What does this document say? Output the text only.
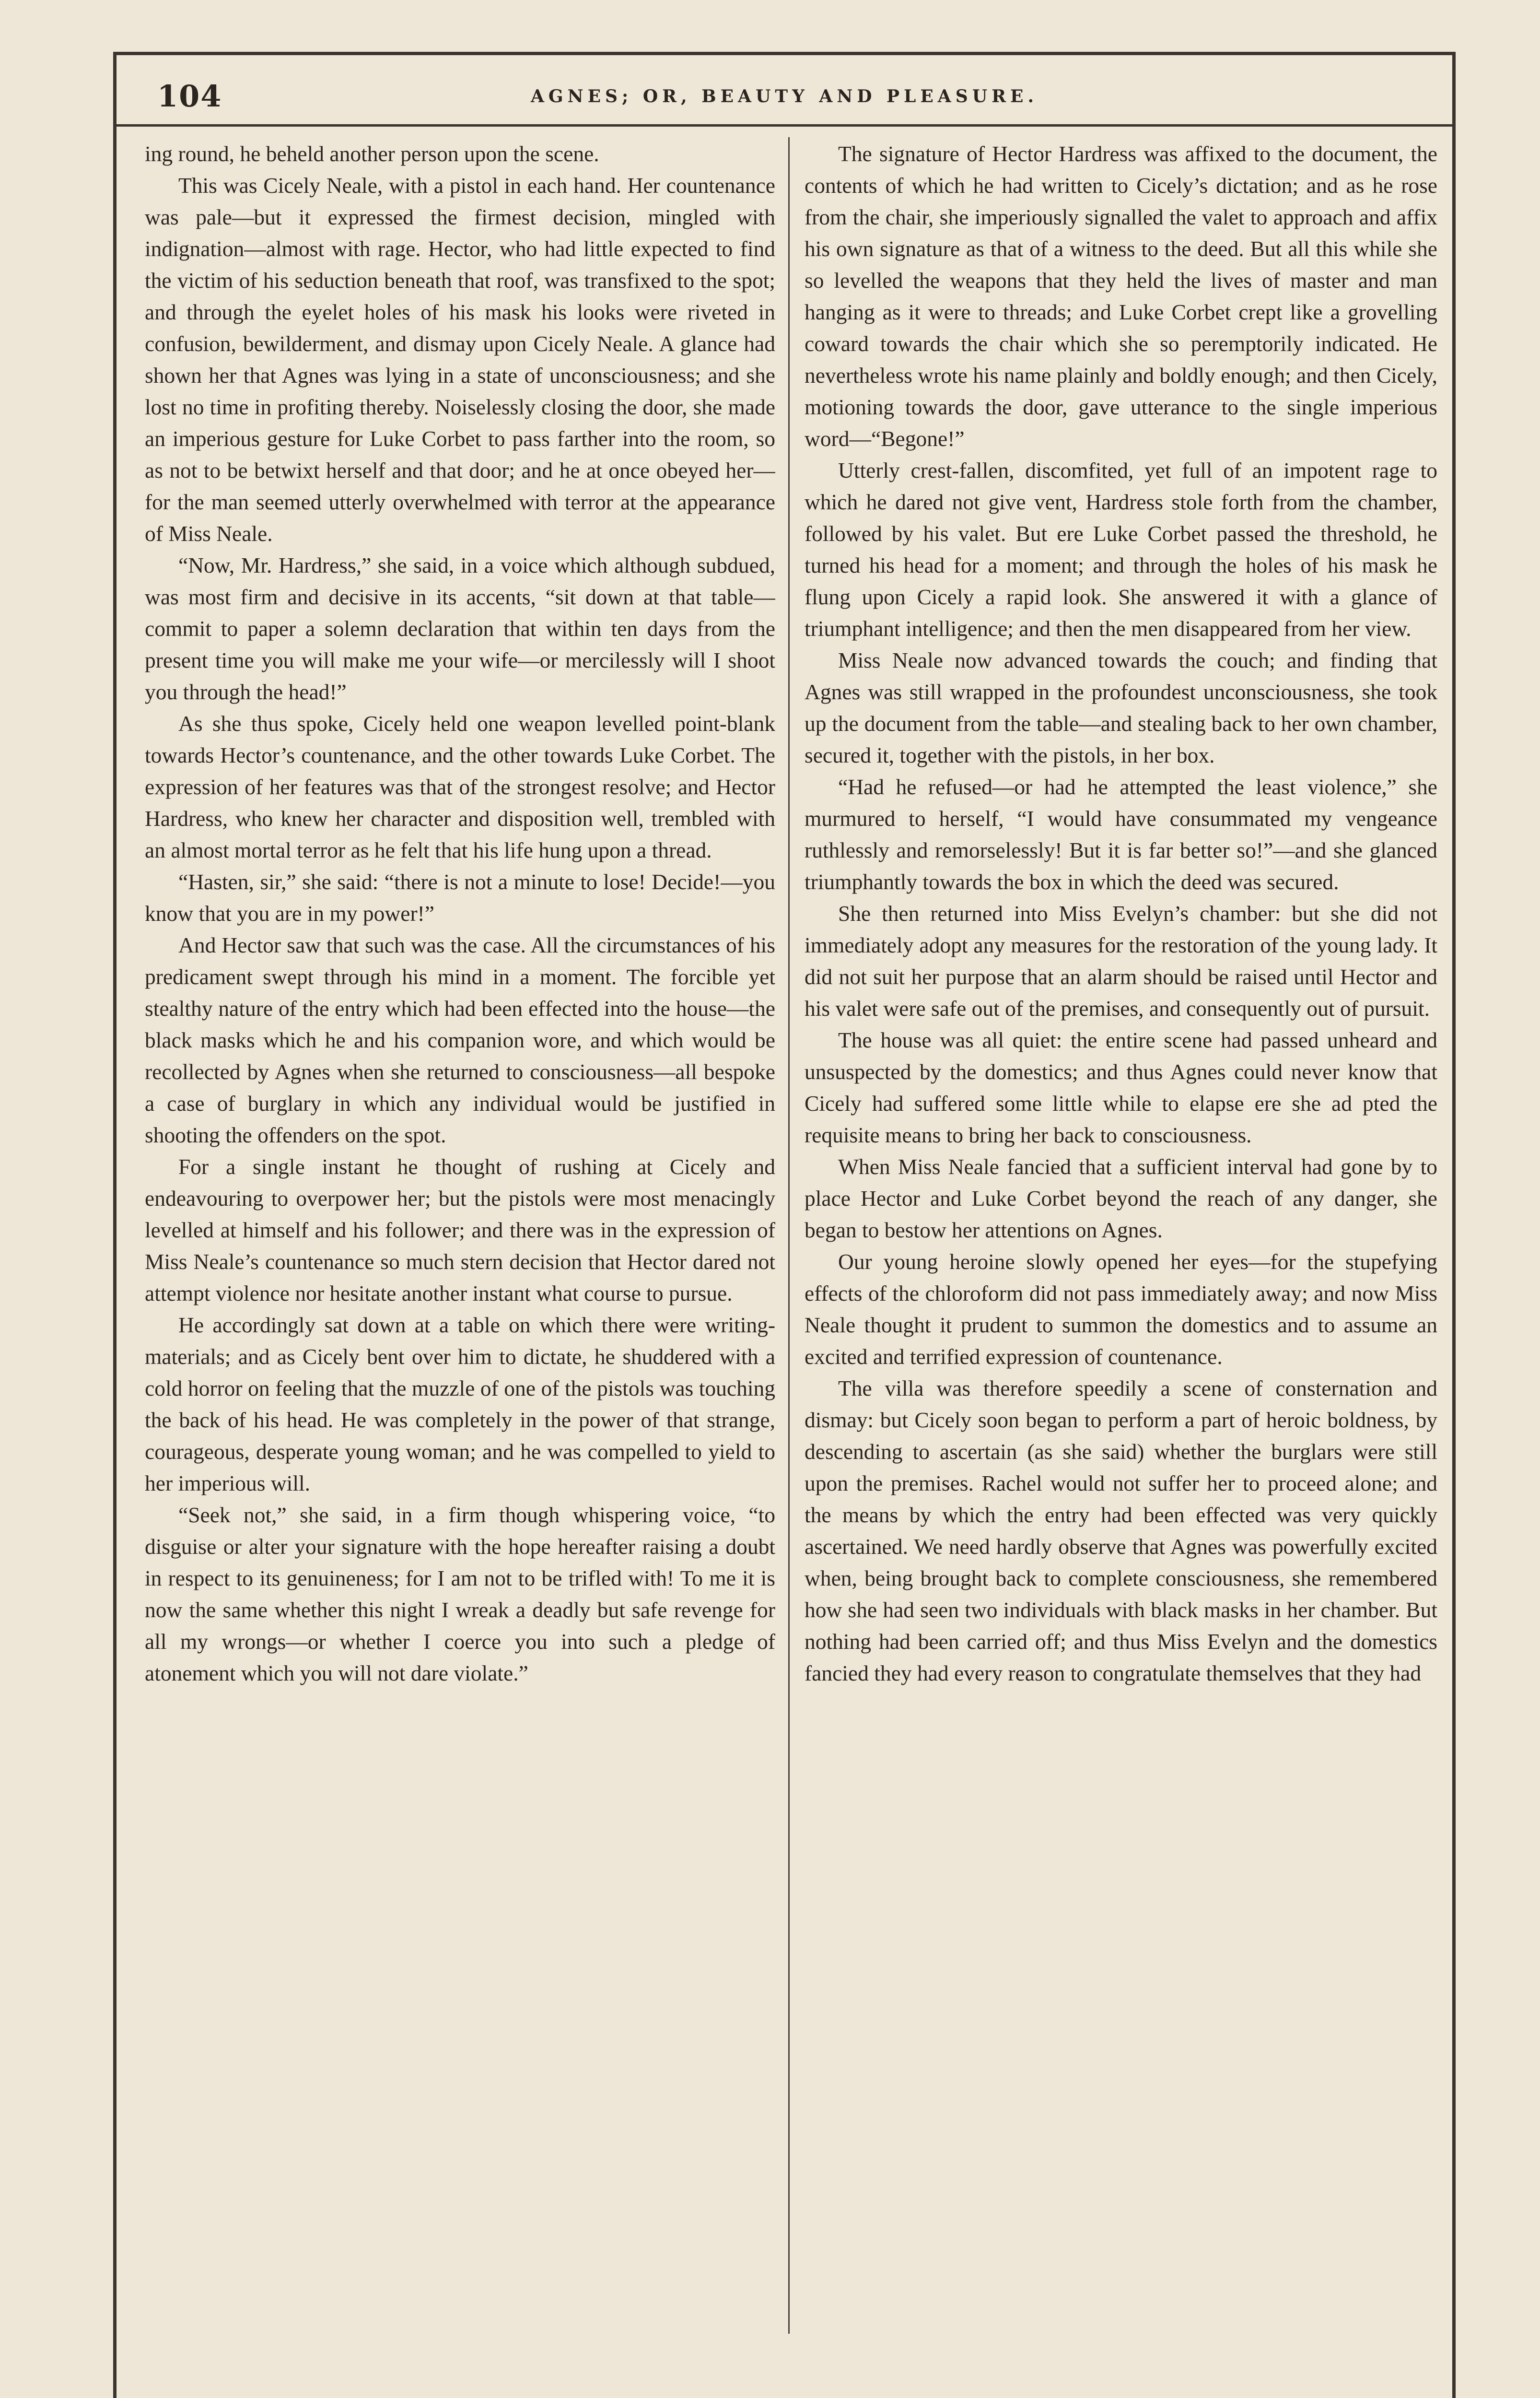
104	AGNES; OR, BEAUTY AND PLEASURE.

ing round, he beheld another person upon the scene.

This was Cicely Neale, with a pistol in each hand. Her countenance was pale—but it expressed the firmest decision, mingled with indignation—almost with rage. Hector, who had little expected to find the victim of his seduction beneath that roof, was transfixed to the spot; and through the eyelet holes of his mask his looks were riveted in confusion, bewilderment, and dismay upon Cicely Neale. A glance had shown her that Agnes was lying in a state of unconsciousness; and she lost no time in profiting thereby. Noiselessly closing the door, she made an imperious gesture for Luke Corbet to pass farther into the room, so as not to be betwixt herself and that door; and he at once obeyed her—for the man seemed utterly overwhelmed with terror at the appearance of Miss Neale.

“Now, Mr. Hardress,” she said, in a voice which although subdued, was most firm and decisive in its accents, “sit down at that table—commit to paper a solemn declaration that within ten days from the present time you will make me your wife—or mercilessly will I shoot you through the head!”

As she thus spoke, Cicely held one weapon levelled point-blank towards Hector’s countenance, and the other towards Luke Corbet. The expression of her features was that of the strongest resolve; and Hector Hardress, who knew her character and disposition well, trembled with an almost mortal terror as he felt that his life hung upon a thread.

“Hasten, sir,” she said: “there is not a minute to lose! Decide!—you know that you are in my power!”

And Hector saw that such was the case. All the circumstances of his predicament swept through his mind in a moment. The forcible yet stealthy nature of the entry which had been effected into the house—the black masks which he and his companion wore, and which would be recollected by Agnes when she returned to consciousness—all bespoke a case of burglary in which any individual would be justified in shooting the offenders on the spot.

For a single instant he thought of rushing at Cicely and endeavouring to overpower her; but the pistols were most menacingly levelled at himself and his follower; and there was in the expression of Miss Neale’s countenance so much stern decision that Hector dared not attempt violence nor hesitate another instant what course to pursue.

He accordingly sat down at a table on which there were writing-materials; and as Cicely bent over him to dictate, he shuddered with a cold horror on feeling that the muzzle of one of the pistols was touching the back of his head. He was completely in the power of that strange, courageous, desperate young woman; and he was compelled to yield to her imperious will.

“Seek not,” she said, in a firm though whispering voice, “to disguise or alter your signature with the hope hereafter raising a doubt in respect to its genuineness; for I am not to be trifled with! To me it is now the same whether this night I wreak a deadly but safe revenge for all my wrongs—or whether I coerce you into such a pledge of atonement which you will not dare violate.”

The signature of Hector Hardress was affixed to the document, the contents of which he had written to Cicely’s dictation; and as he rose from the chair, she imperiously signalled the valet to approach and affix his own signature as that of a witness to the deed. But all this while she so levelled the weapons that they held the lives of master and man hanging as it were to threads; and Luke Corbet crept like a grovelling coward towards the chair which she so peremptorily indicated. He nevertheless wrote his name plainly and boldly enough; and then Cicely, motioning towards the door, gave utterance to the single imperious word—“Begone!”

Utterly crest-fallen, discomfited, yet full of an impotent rage to which he dared not give vent, Hardress stole forth from the chamber, followed by his valet. But ere Luke Corbet passed the threshold, he turned his head for a moment; and through the holes of his mask he flung upon Cicely a rapid look. She answered it with a glance of triumphant intelligence; and then the men disappeared from her view.

Miss Neale now advanced towards the couch; and finding that Agnes was still wrapped in the profoundest unconsciousness, she took up the document from the table—and stealing back to her own chamber, secured it, together with the pistols, in her box.

“Had he refused—or had he attempted the least violence,” she murmured to herself, “I would have consummated my vengeance ruthlessly and remorselessly! But it is far better so!”—and she glanced triumphantly towards the box in which the deed was secured.

She then returned into Miss Evelyn’s chamber: but she did not immediately adopt any measures for the restoration of the young lady. It did not suit her purpose that an alarm should be raised until Hector and his valet were safe out of the premises, and consequently out of pursuit.

The house was all quiet: the entire scene had passed unheard and unsuspected by the domestics; and thus Agnes could never know that Cicely had suffered some little while to elapse ere she ad pted the requisite means to bring her back to consciousness.

When Miss Neale fancied that a sufficient interval had gone by to place Hector and Luke Corbet beyond the reach of any danger, she began to bestow her attentions on Agnes.

Our young heroine slowly opened her eyes—for the stupefying effects of the chloroform did not pass immediately away; and now Miss Neale thought it prudent to summon the domestics and to assume an excited and terrified expression of countenance.

The villa was therefore speedily a scene of consternation and dismay: but Cicely soon began to perform a part of heroic boldness, by descending to ascertain (as she said) whether the burglars were still upon the premises. Rachel would not suffer her to proceed alone; and the means by which the entry had been effected was very quickly ascertained. We need hardly observe that Agnes was powerfully excited when, being brought back to complete consciousness, she remembered how she had seen two individuals with black masks in her chamber. But nothing had been carried off; and thus Miss Evelyn and the domestics fancied they had every reason to congratulate themselves that they had
